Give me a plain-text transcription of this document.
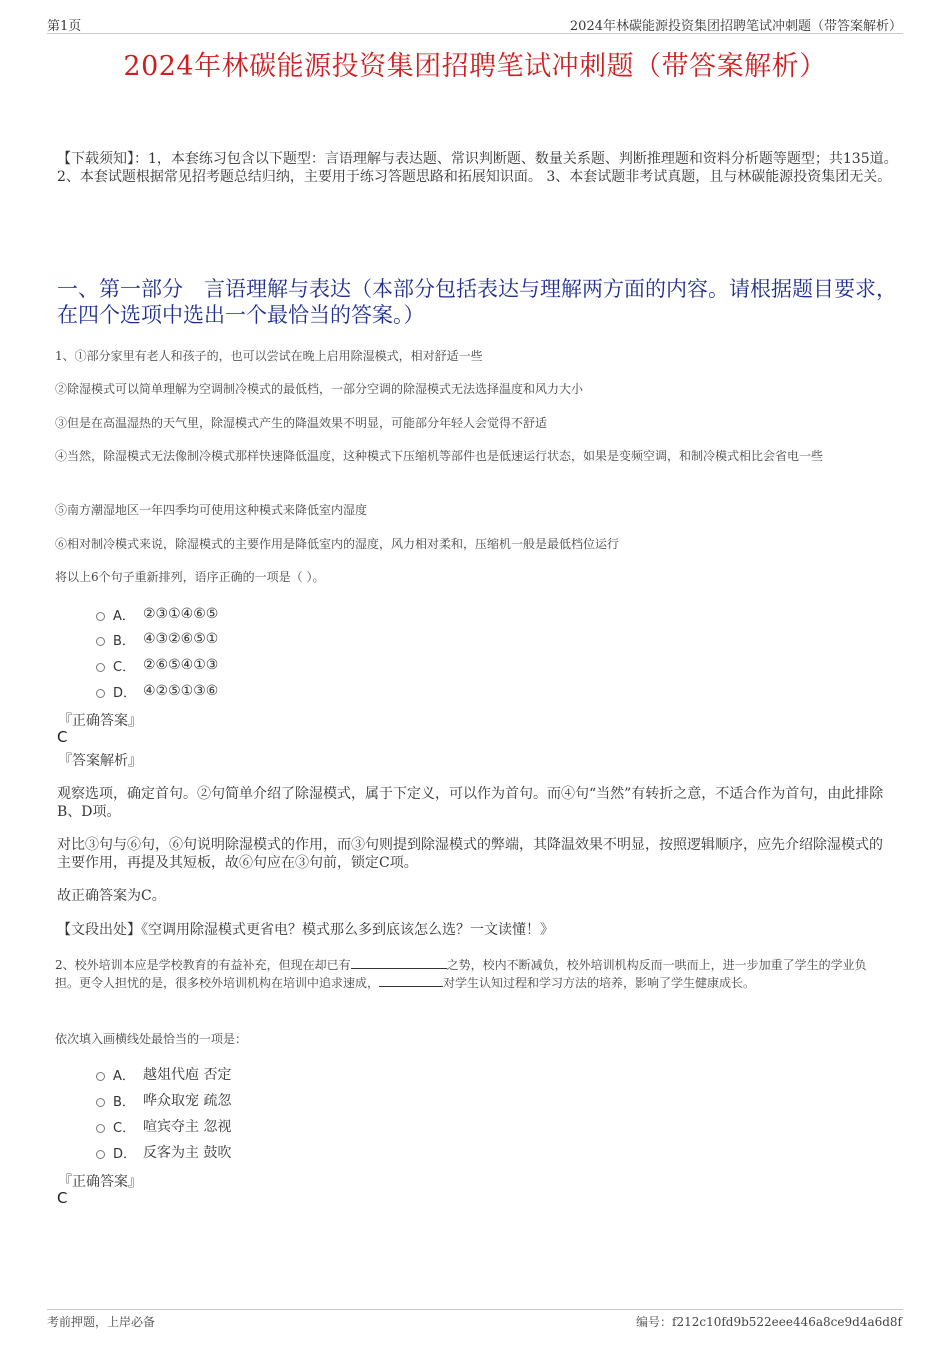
第1页	2024年林碳能源投资集团招聘笔试冲刺题（带答案解析）
2024年林碳能源投资集团招聘笔试冲刺题（带答案解析）
【下载须知】：1，本套练习包含以下题型：言语理解与表达题、常识判断题、数量关系题、判断推理题和资料分析题等题型；共135道。 2、本套试题根据常见招考题总结归纳，主要用于练习答题思路和拓展知识面。 3、本套试题非考试真题，且与林碳能源投资集团无关。
一、第一部分　言语理解与表达（本部分包括表达与理解两方面的内容。请根据题目要求，在四个选项中选出一个最恰当的答案。）
1、①部分家里有老人和孩子的，也可以尝试在晚上启用除湿模式，相对舒适一些
②除湿模式可以简单理解为空调制冷模式的最低档，一部分空调的除湿模式无法选择温度和风力大小
③但是在高温湿热的天气里，除湿模式产生的降温效果不明显，可能部分年轻人会觉得不舒适
④当然，除湿模式无法像制冷模式那样快速降低温度，这种模式下压缩机等部件也是低速运行状态，如果是变频空调，和制冷模式相比会省电一些
⑤南方潮湿地区一年四季均可使用这种模式来降低室内湿度
⑥相对制冷模式来说，除湿模式的主要作用是降低室内的湿度，风力相对柔和，压缩机一般是最低档位运行
将以上6个句子重新排列，语序正确的一项是（ ）。
A． ②③①④⑥⑤
B． ④③②⑥⑤①
C． ②⑥⑤④①③
D． ④②⑤①③⑥
『正确答案』
C
『答案解析』
观察选项，确定首句。②句简单介绍了除湿模式，属于下定义，可以作为首句。而④句“当然”有转折之意，不适合作为首句，由此排除B、D项。
对比③句与⑥句，⑥句说明除湿模式的作用，而③句则提到除湿模式的弊端，其降温效果不明显，按照逻辑顺序，应先介绍除湿模式的主要作用，再提及其短板，故⑥句应在③句前，锁定C项。
故正确答案为C。
【文段出处】《空调用除湿模式更省电？模式那么多到底该怎么选？一文读懂！》
2、校外培训本应是学校教育的有益补充，但现在却已有	之势，校内不断减负，校外培训机构反而一哄而上，进一步加重了学生的学业负担。更令人担忧的是，很多校外培训机构在培训中追求速成，	对学生认知过程和学习方法的培养，影响了学生健康成长。
依次填入画横线处最恰当的一项是：
A． 越俎代庖 否定
B． 哗众取宠 疏忽
C． 喧宾夺主 忽视
D． 反客为主 鼓吹
『正确答案』
C
考前押题，上岸必备	编号：f212c10fd9b522eee446a8ce9d4a6d8f
